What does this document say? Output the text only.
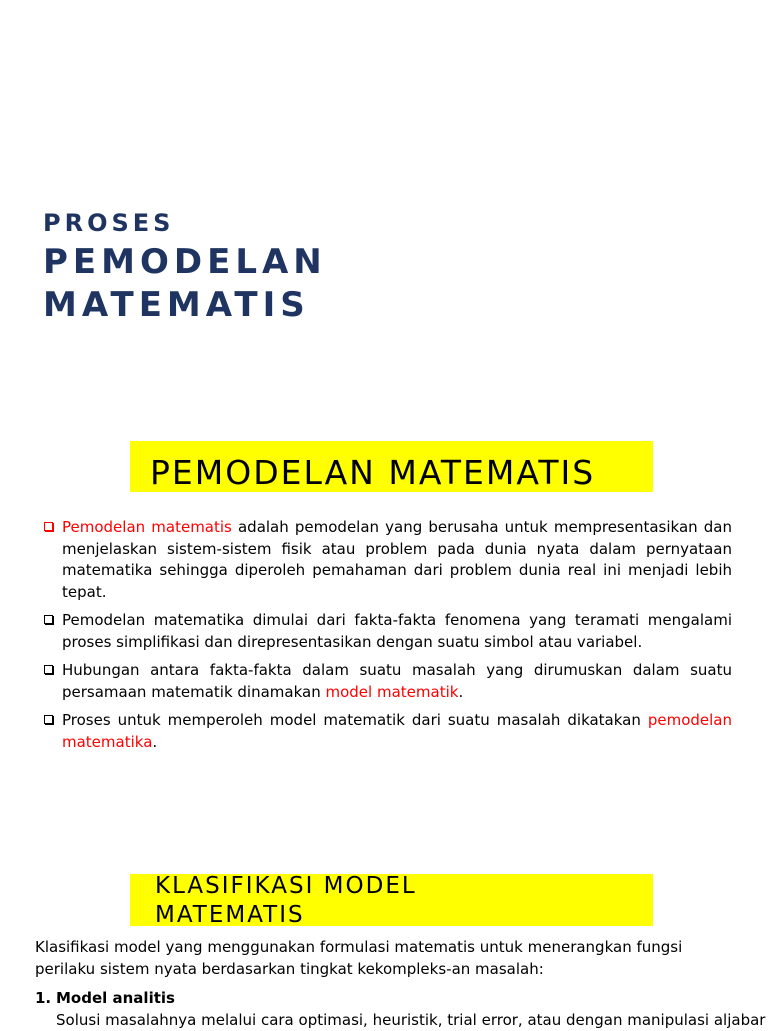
PROSES
PEMODELAN
MATEMATIS
PEMODELAN MATEMATIS
Pemodelan matematis adalah pemodelan yang berusaha untuk mempresentasikan dan menjelaskan sistem-sistem fisik atau problem pada dunia nyata dalam pernyataan matematika sehingga diperoleh pemahaman dari problem dunia real ini menjadi lebih tepat.
Pemodelan matematika dimulai dari fakta-fakta fenomena yang teramati mengalami proses simplifikasi dan direpresentasikan dengan suatu simbol atau variabel.
Hubungan antara fakta-fakta dalam suatu masalah yang dirumuskan dalam suatu persamaan matematik dinamakan model matematik.
Proses untuk memperoleh model matematik dari suatu masalah dikatakan pemodelan matematika.
KLASIFIKASI MODEL MATEMATIS

Klasifikasi model yang menggunakan formulasi matematis untuk menerangkan fungsi perilaku sistem nyata berdasarkan tingkat kekompleks-an masalah:

1. Model analitis
Solusi masalahnya melalui cara optimasi, heuristik, trial error, atau dengan manipulasi aljabar
